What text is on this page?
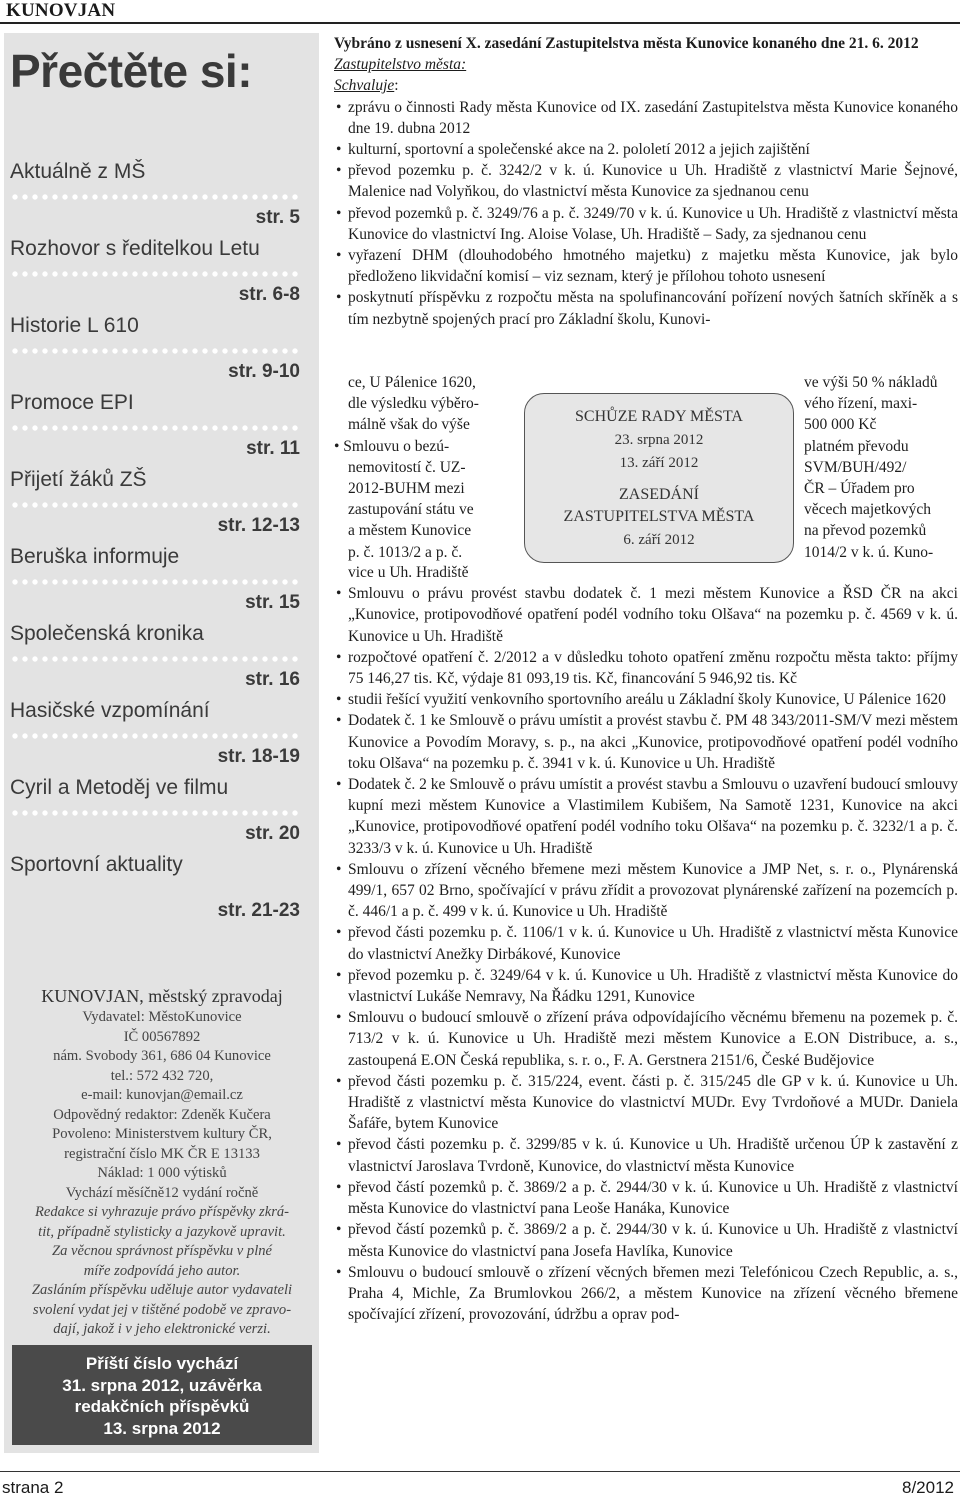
KUNOVJAN
Přečtěte si:
Aktuálně z MŠ
str. 5
Rozhovor s ředitelkou Letu
str. 6-8
Historie L 610
str. 9-10
Promoce EPI
str. 11
Přijetí žáků ZŠ
str. 12-13
Beruška informuje
str. 15
Společenská kronika
str. 16
Hasičské vzpomínání
str. 18-19
Cyril a Metoděj ve filmu
str. 20
Sportovní aktuality
str. 21-23
KUNOVJAN, městský zpravodaj
Vydavatel: MěstoKunovice
IČ 00567892
nám. Svobody 361, 686 04 Kunovice
tel.: 572 432 720,
e-mail: kunovjan@email.cz
Odpovědný redaktor: Zdeněk Kučera
Povoleno: Ministerstvem kultury ČR,
registrační číslo MK ČR E 13133
Náklad: 1 000 výtisků
Vychází měsíčně12 vydání ročně
Redakce si vyhrazuje právo příspěvky zkrá-
tit, případně stylisticky a jazykově upravit.
Za věcnou správnost příspěvku v plné
míře zodpovídá jeho autor.
Zasláním příspěvku uděluje autor vydavateli
svolení vydat jej v tištěné podobě ve zpravo-
dají, jakož i v jeho elektronické verzi.
Příští číslo vychází
31. srpna 2012, uzávěrka
redakčních příspěvků
13. srpna 2012

Vybráno z usnesení X. zasedání Zastupitelstva města Kunovice konaného dne 21. 6. 2012

Zastupitelstvo města:

Schvaluje:

• zprávu o činnosti Rady města Kunovice od IX. zasedání Zastupitelstva města Kunovice konaného dne 19. dubna 2012
• kulturní, sportovní a společenské akce na 2. pololetí 2012 a jejich zajištění
• převod pozemku p. č. 3242/2 v k. ú. Kunovice u Uh. Hradiště z vlastnictví Marie Šejnové, Malenice nad Volyňkou, do vlastnictví města Kunovice za sjednanou cenu
• převod pozemků p. č. 3249/76 a p. č. 3249/70 v k. ú. Kunovice u Uh. Hradiště z vlastnictví města Kunovice do vlastnictví Ing. Aloise Volase, Uh. Hradiště – Sady, za sjednanou cenu
• vyřazení DHM (dlouhodobého hmotného majetku) z majetku města Kunovice, jak bylo předloženo likvidační komisí – viz seznam, který je přílohou tohoto usnesení
• poskytnutí příspěvku z rozpočtu města na spolufinancování pořízení nových šatních skříněk a s tím nezbytně spojených prací pro Základní školu, Kunovi-
ce, U Pálenice 1620,
dle výsledku výběro-
málně však do výše
• Smlouvu o bezú-
nemovitostí č. UZ-
2012-BUHM mezi
zastupování státu ve
a městem Kunovice
p. č. 1013/2 a p. č.
ve výši 50 % nákladů
vého řízení, maxi-
500 000 Kč
platném převodu
SVM/BUH/492/
ČR – Úřadem pro
věcech majetkových
na převod pozemků
1014/2 v k. ú. Kuno-
SCHŮZE RADY MĚSTA
23. srpna 2012
13. září 2012
ZASEDÁNÍ
ZASTUPITELSTVA MĚSTA
6. září 2012

vice u Uh. Hradiště

• Smlouvu o právu provést stavbu dodatek č. 1 mezi městem Kunovice a ŘSD ČR na akci „Kunovice, protipovodňové opatření podél vodního toku Olšava“ na pozemku p. č. 4569 v k. ú. Kunovice u Uh. Hradiště
• rozpočtové opatření č. 2/2012 a v důsledku tohoto opatření změnu rozpočtu města takto: příjmy 75 146,27 tis. Kč, výdaje 81 093,19 tis. Kč, financování 5 946,92 tis. Kč
• studii řešící využití venkovního sportovního areálu u Základní školy Kunovice, U Pálenice 1620
• Dodatek č. 1 ke Smlouvě o právu umístit a provést stavbu č. PM 48 343/2011-SM/V mezi městem Kunovice a Povodím Moravy, s. p., na akci „Kunovice, protipovodňové opatření podél vodního toku Olšava“ na pozemku p. č. 3941 v k. ú. Kunovice u Uh. Hradiště
• Dodatek č. 2 ke Smlouvě o právu umístit a provést stavbu a Smlouvu o uzavření budoucí smlouvy kupní mezi městem Kunovice a Vlastimilem Kubišem, Na Samotě 1231, Kunovice na akci „Kunovice, protipovodňové opatření podél vodního toku Olšava“ na pozemku p. č. 3232/1 a p. č. 3233/3 v k. ú. Kunovice u Uh. Hradiště
• Smlouvu o zřízení věcného břemene mezi městem Kunovice a JMP Net, s. r. o., Plynárenská 499/1, 657 02 Brno, spočívající v právu zřídit a provozovat plynárenské zařízení na pozemcích p. č. 446/1 a p. č. 499 v k. ú. Kunovice u Uh. Hradiště
• převod části pozemku p. č. 1106/1 v k. ú. Kunovice u Uh. Hradiště z vlastnictví města Kunovice do vlastnictví Anežky Dirbákové, Kunovice
• převod pozemku p. č. 3249/64 v k. ú. Kunovice u Uh. Hradiště z vlastnictví města Kunovice do vlastnictví Lukáše Nemravy, Na Řádku 1291, Kunovice
• Smlouvu o budoucí smlouvě o zřízení práva odpovídajícího věcnému břemenu na pozemek p. č. 713/2 v k. ú. Kunovice u Uh. Hradiště mezi městem Kunovice a E.ON Distribuce, a. s., zastoupená E.ON Česká republika, s. r. o., F. A. Gerstnera 2151/6, České Budějovice
• převod části pozemku p. č. 315/224, event. části p. č. 315/245 dle GP v k. ú. Kunovice u Uh. Hradiště z vlastnictví města Kunovice do vlastnictví MUDr. Evy Tvrdoňové a MUDr. Daniela Šafáře, bytem Kunovice
• převod části pozemku p. č. 3299/85 v k. ú. Kunovice u Uh. Hradiště určenou ÚP k zastavění z vlastnictví Jaroslava Tvrdoně, Kunovice, do vlastnictví města Kunovice
• převod částí pozemků p. č. 3869/2 a p. č. 2944/30 v k. ú. Kunovice u Uh. Hradiště z vlastnictví města Kunovice do vlastnictví pana Leoše Hanáka, Kunovice
• převod částí pozemků p. č. 3869/2 a p. č. 2944/30 v k. ú. Kunovice u Uh. Hradiště z vlastnictví města Kunovice do vlastnictví pana Josefa Havlíka, Kunovice
• Smlouvu o budoucí smlouvě o zřízení věcných břemen mezi Telefónicou Czech Republic, a. s., Praha 4, Michle, Za Brumlovkou 266/2, a městem Kunovice na zřízení věcného břemene spočívající zřízení, provozování, údržbu a oprav pod-
strana 2	8/2012
